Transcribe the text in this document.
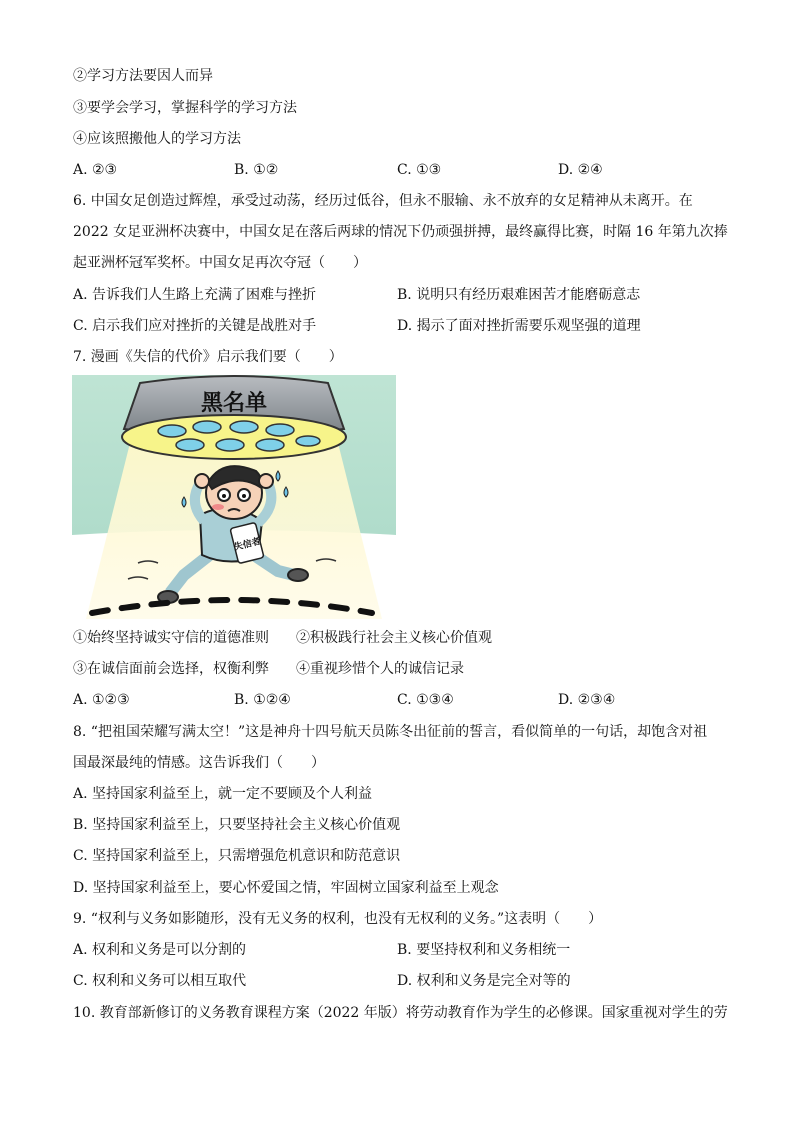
②学习方法要因人而异
③要学会学习，掌握科学的学习方法
④应该照搬他人的学习方法
A. ②③	B. ①②	C. ①③	D. ②④
6. 中国女足创造过辉煌，承受过动荡，经历过低谷，但永不服输、永不放弃的女足精神从未离开。在
2022 女足亚洲杯决赛中，中国女足在落后两球的情况下仍顽强拼搏，最终赢得比赛，时隔 16 年第九次捧
起亚洲杯冠军奖杯。中国女足再次夺冠（　　）
A. 告诉我们人生路上充满了困难与挫折	B. 说明只有经历艰难困苦才能磨砺意志
C. 启示我们应对挫折的关键是战胜对手	D. 揭示了面对挫折需要乐观坚强的道理
7. 漫画《失信的代价》启示我们要（　　）
黑名单
失信者
①始终坚持诚实守信的道德准则 ②积极践行社会主义核心价值观
③在诚信面前会选择，权衡利弊 ④重视珍惜个人的诚信记录
A. ①②③	B. ①②④	C. ①③④	D. ②③④
8. “把祖国荣耀写满太空！”这是神舟十四号航天员陈冬出征前的誓言，看似简单的一句话，却饱含对祖
国最深最纯的情感。这告诉我们（　　）
A. 坚持国家利益至上，就一定不要顾及个人利益
B. 坚持国家利益至上，只要坚持社会主义核心价值观
C. 坚持国家利益至上，只需增强危机意识和防范意识
D. 坚持国家利益至上，要心怀爱国之情，牢固树立国家利益至上观念
9. “权利与义务如影随形，没有无义务的权利，也没有无权利的义务。”这表明（　　）
A. 权利和义务是可以分割的	B. 要坚持权利和义务相统一
C. 权利和义务可以相互取代	D. 权利和义务是完全对等的
10. 教育部新修订的义务教育课程方案（2022 年版）将劳动教育作为学生的必修课。国家重视对学生的劳
